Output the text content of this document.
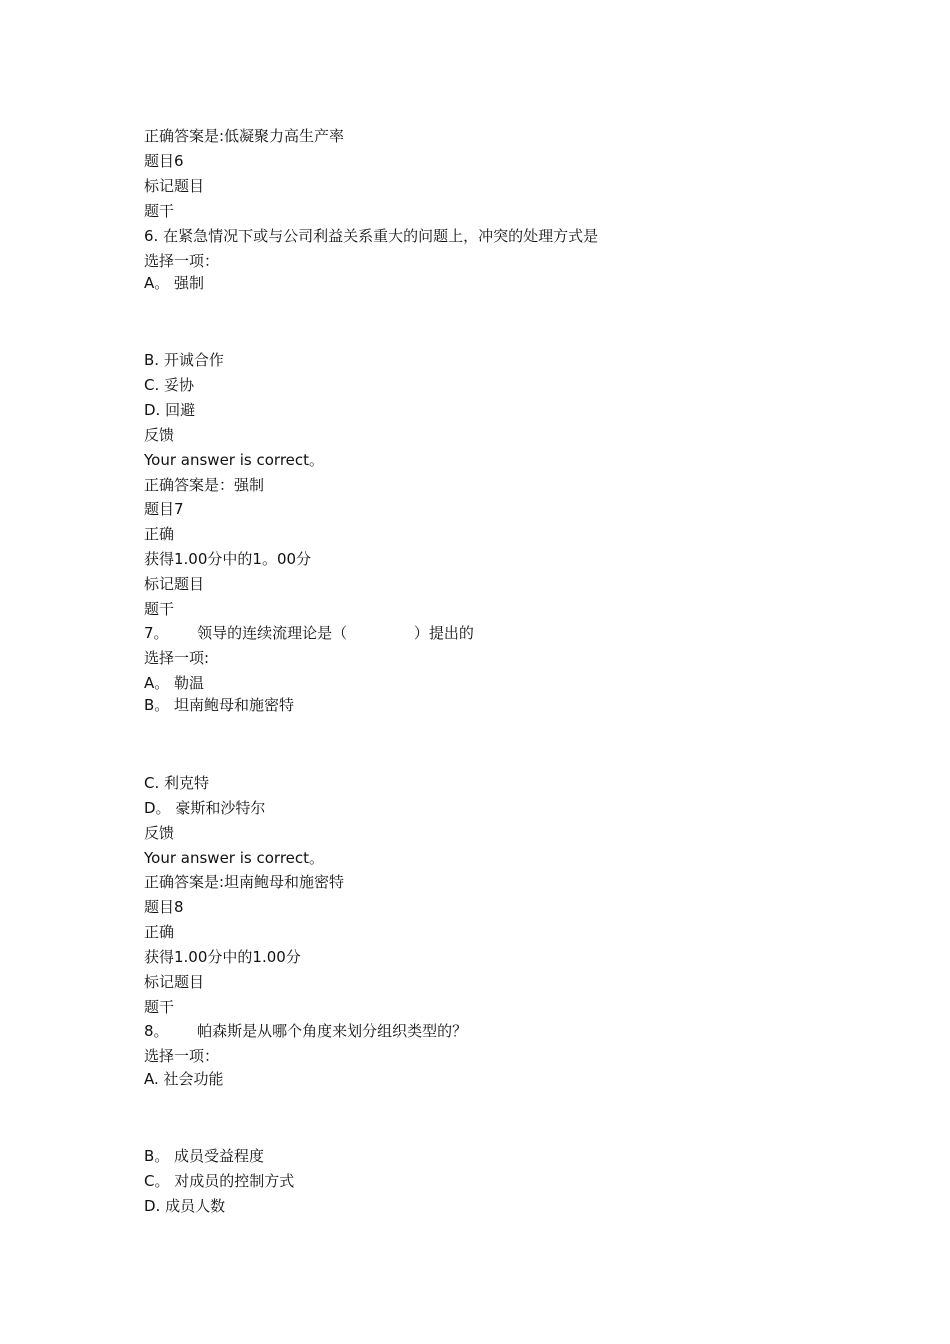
正确答案是:低凝聚力高生产率
题目6
标记题目
题干
6. 在紧急情况下或与公司利益关系重大的问题上，冲突的处理方式是
选择一项：
A。 强制
B. 开诚合作
C. 妥协
D. 回避
反馈
Your answer is correct。
正确答案是：强制
题目7
正确
获得1.00分中的1。00分
标记题目
题干
7。      领导的连续流理论是（              ）提出的
选择一项:
A。 勒温
B。 坦南鲍母和施密特
C. 利克特
D。 豪斯和沙特尔
反馈
Your answer is correct。
正确答案是:坦南鲍母和施密特
题目8
正确
获得1.00分中的1.00分
标记题目
题干
8。      帕森斯是从哪个角度来划分组织类型的？
选择一项：
A. 社会功能
B。 成员受益程度
C。 对成员的控制方式
D. 成员人数
